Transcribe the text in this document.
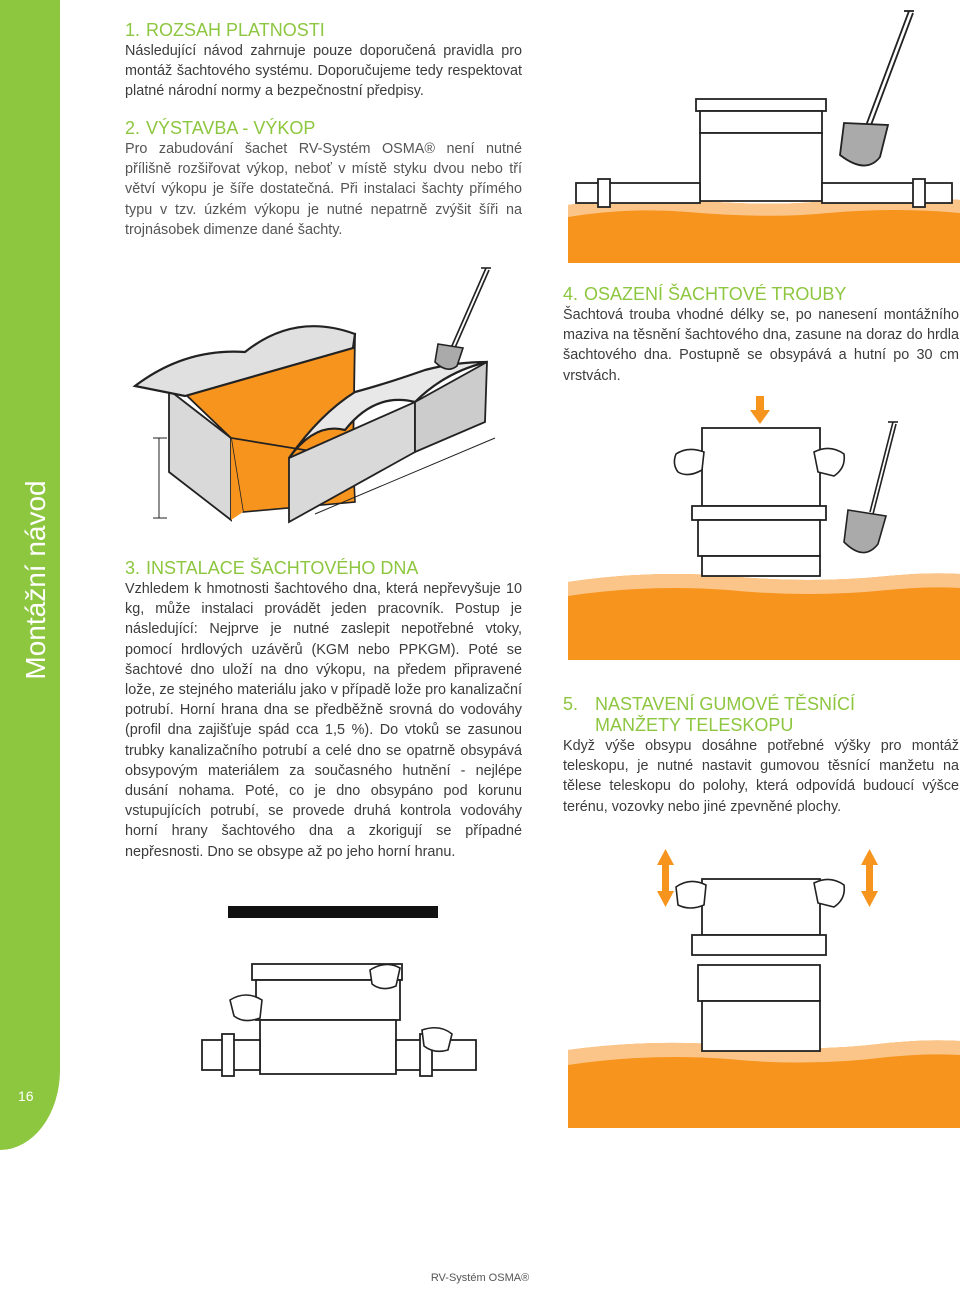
Montážní návod
16
1. ROZSAH PLATNOSTI

Následující návod zahrnuje pouze doporučená pravidla pro montáž šachtového systému. Doporučujeme tedy respektovat platné národní normy a bezpečnostní předpisy.

2. VÝSTAVBA - VÝKOP

Pro zabudování šachet RV-Systém OSMA® není nutné přílišně rozšiřovat výkop, neboť v místě styku dvou nebo tří větví výkopu je šíře dostatečná. Při instalaci šachty přímého typu v tzv. úzkém výkopu je nutné nepatrně zvýšit šíři na trojnásobek dimenze dané šachty.

3. INSTALACE ŠACHTOVÉHO DNA

Vzhledem k hmotnosti šachtového dna, která nepřevyšuje 10 kg, může instalaci provádět jeden pracovník. Postup je následující: Nejprve je nutné zaslepit nepotřebné vtoky, pomocí hrdlových uzávěrů (KGM nebo PPKGM). Poté se šachtové dno uloží na dno výkopu, na předem připravené lože, ze stejného materiálu jako v případě lože pro kanalizační potrubí. Horní hrana dna se předběžně srovná do vodováhy (profil dna zajišťuje spád cca 1,5 %). Do vtoků se zasunou trubky kanalizačního potrubí a celé dno se opatrně obsypává obsypovým materiálem za současného hutnění - nejlépe dusání nohama. Poté, co je dno obsypáno pod korunu vstupujících potrubí, se provede druhá kontrola vodováhy horní hrany šachtového dna a zkorigují se případné nepřesnosti. Dno se obsype až po jeho horní hranu.

4. OSAZENÍ ŠACHTOVÉ TROUBY

Šachtová trouba vhodné délky se, po nanesení montážního maziva na těsnění šachtového dna, zasune na doraz do hrdla šachtového dna. Postupně se obsypává a hutní po 30 cm vrstvách.

5. NASTAVENÍ GUMOVÉ TĚSNÍCÍ
MANŽETY TELESKOPU

Když výše obsypu dosáhne potřebné výšky pro montáž teleskopu, je nutné nastavit gumovou těsnící manžetu na tělese teleskopu do polohy, která odpovídá budoucí výšce terénu, vozovky nebo jiné zpevněné plochy.

RV-Systém OSMA®
